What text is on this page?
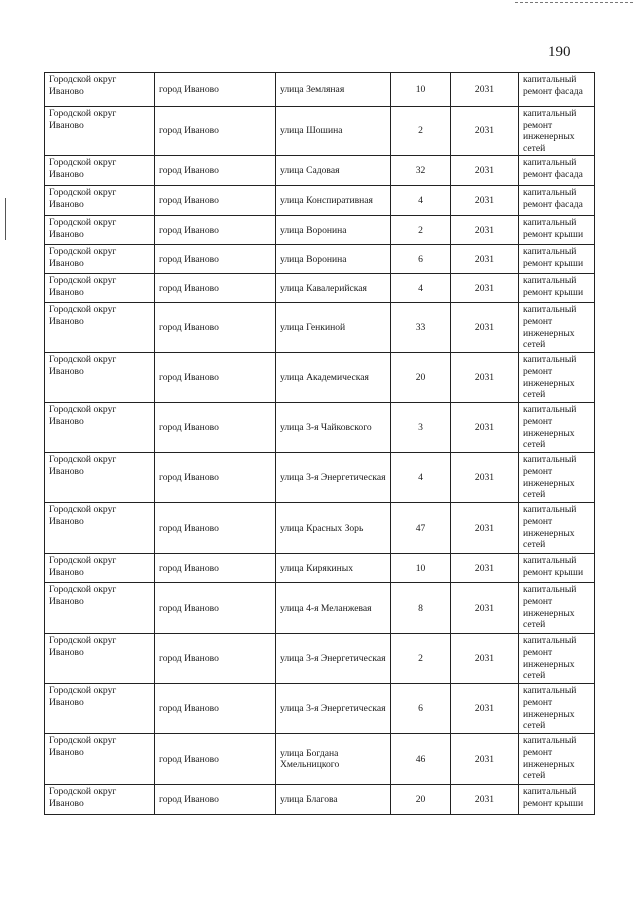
190
Городской округ Иваново	город Иваново	улица Земляная	10	2031	капитальный ремонт фасада
Городской округ Иваново	город Иваново	улица Шошина	2	2031	капитальный ремонт инженерных сетей
Городской округ Иваново	город Иваново	улица Садовая	32	2031	капитальный ремонт фасада
Городской округ Иваново	город Иваново	улица Конспиративная	4	2031	капитальный ремонт фасада
Городской округ Иваново	город Иваново	улица Воронина	2	2031	капитальный ремонт крыши
Городской округ Иваново	город Иваново	улица Воронина	6	2031	капитальный ремонт крыши
Городской округ Иваново	город Иваново	улица Кавалерийская	4	2031	капитальный ремонт крыши
Городской округ Иваново	город Иваново	улица Генкиной	33	2031	капитальный ремонт инженерных сетей
Городской округ Иваново	город Иваново	улица Академическая	20	2031	капитальный ремонт инженерных сетей
Городской округ Иваново	город Иваново	улица 3-я Чайковского	3	2031	капитальный ремонт инженерных сетей
Городской округ Иваново	город Иваново	улица 3-я Энергетическая	4	2031	капитальный ремонт инженерных сетей
Городской округ Иваново	город Иваново	улица Красных Зорь	47	2031	капитальный ремонт инженерных сетей
Городской округ Иваново	город Иваново	улица Кирякиных	10	2031	капитальный ремонт крыши
Городской округ Иваново	город Иваново	улица 4-я Меланжевая	8	2031	капитальный ремонт инженерных сетей
Городской округ Иваново	город Иваново	улица 3-я Энергетическая	2	2031	капитальный ремонт инженерных сетей
Городской округ Иваново	город Иваново	улица 3-я Энергетическая	6	2031	капитальный ремонт инженерных сетей
Городской округ Иваново	город Иваново	улица Богдана Хмельницкого	46	2031	капитальный ремонт инженерных сетей
Городской округ Иваново	город Иваново	улица Благова	20	2031	капитальный ремонт крыши
